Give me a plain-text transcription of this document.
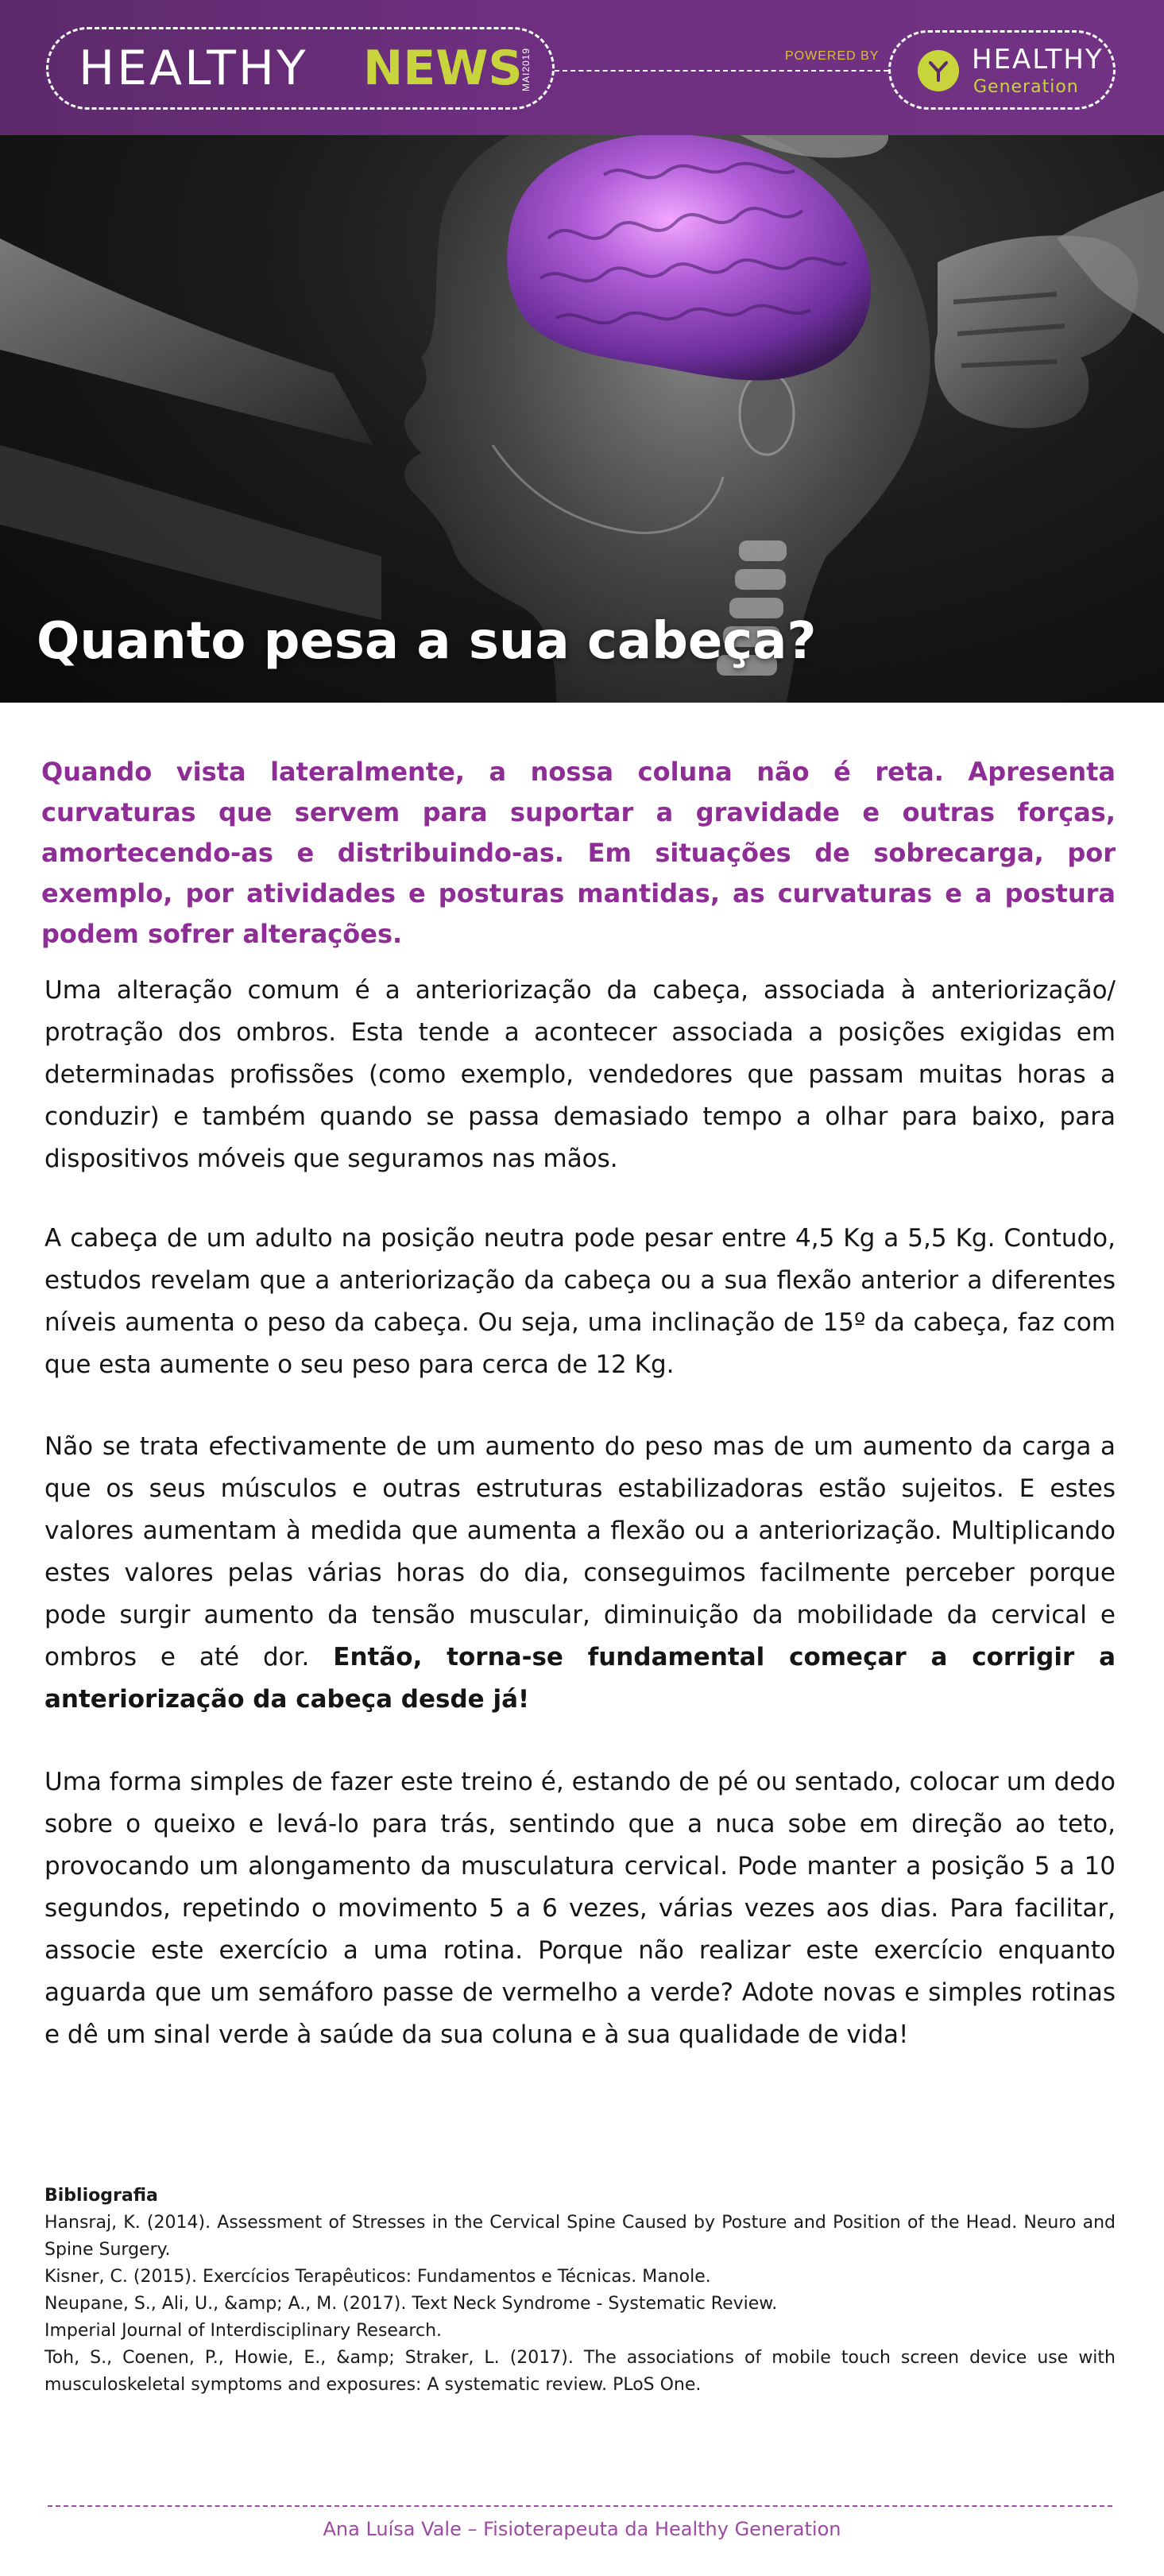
Quanto pesa a sua cabeça?
HEALTHY NEWS
MAI2019	POWERED BY	HEALTHY
Generation

Quando vista lateralmente, a nossa coluna não é reta. Apresenta curvaturas que servem para suportar a gravidade e outras forças, amortecendo-as e distribuindo-as. Em situações de sobrecarga, por exemplo, por atividades e posturas mantidas, as curvaturas e a postura podem sofrer alterações.

Uma alteração comum é a anteriorização da cabeça, associada à anteriorização/ protração dos ombros. Esta tende a acontecer associada a posições exigidas em determinadas profissões (como exemplo, vendedores que passam muitas horas a conduzir) e também quando se passa demasiado tempo a olhar para baixo, para dispositivos móveis que seguramos nas mãos.

A cabeça de um adulto na posição neutra pode pesar entre 4,5 Kg a 5,5 Kg. Contudo, estudos revelam que a anteriorização da cabeça ou a sua flexão anterior a diferentes níveis aumenta o peso da cabeça. Ou seja, uma inclinação de 15º da cabeça, faz com que esta aumente o seu peso para cerca de 12 Kg.

Não se trata efectivamente de um aumento do peso mas de um aumento da carga a que os seus músculos e outras estruturas estabilizadoras estão sujeitos. E estes valores aumentam à medida que aumenta a flexão ou a anteriorização. Multiplicando estes valores pelas várias horas do dia, conseguimos facilmente perceber porque pode surgir aumento da tensão muscular, diminuição da mobilidade da cervical e ombros e até dor. Então, torna-se fundamental começar a corrigir a anteriorização da cabeça desde já!

Uma forma simples de fazer este treino é, estando de pé ou sentado, colocar um dedo sobre o queixo e levá-lo para trás, sentindo que a nuca sobe em direção ao teto, provocando um alongamento da musculatura cervical. Pode manter a posição 5 a 10 segundos, repetindo o movimento 5 a 6 vezes, várias vezes aos dias. Para facilitar, associe este exercício a uma rotina. Porque não realizar este exercício enquanto aguarda que um semáforo passe de vermelho a verde? Adote novas e simples rotinas e dê um sinal verde à saúde da sua coluna e à sua qualidade de vida!

Bibliografia
Hansraj, K. (2014). Assessment of Stresses in the Cervical Spine Caused by Posture and Position of the Head. Neuro and Spine Surgery.
Kisner, C. (2015). Exercícios Terapêuticos: Fundamentos e Técnicas. Manole.
Neupane, S., Ali, U., &amp; A., M. (2017). Text Neck Syndrome - Systematic Review.
Imperial Journal of Interdisciplinary Research.
Toh, S., Coenen, P., Howie, E., &amp; Straker, L. (2017). The associations of mobile touch screen device use with musculoskeletal symptoms and exposures: A systematic review. PLoS One.
Ana Luísa Vale – Fisioterapeuta da Healthy Generation
